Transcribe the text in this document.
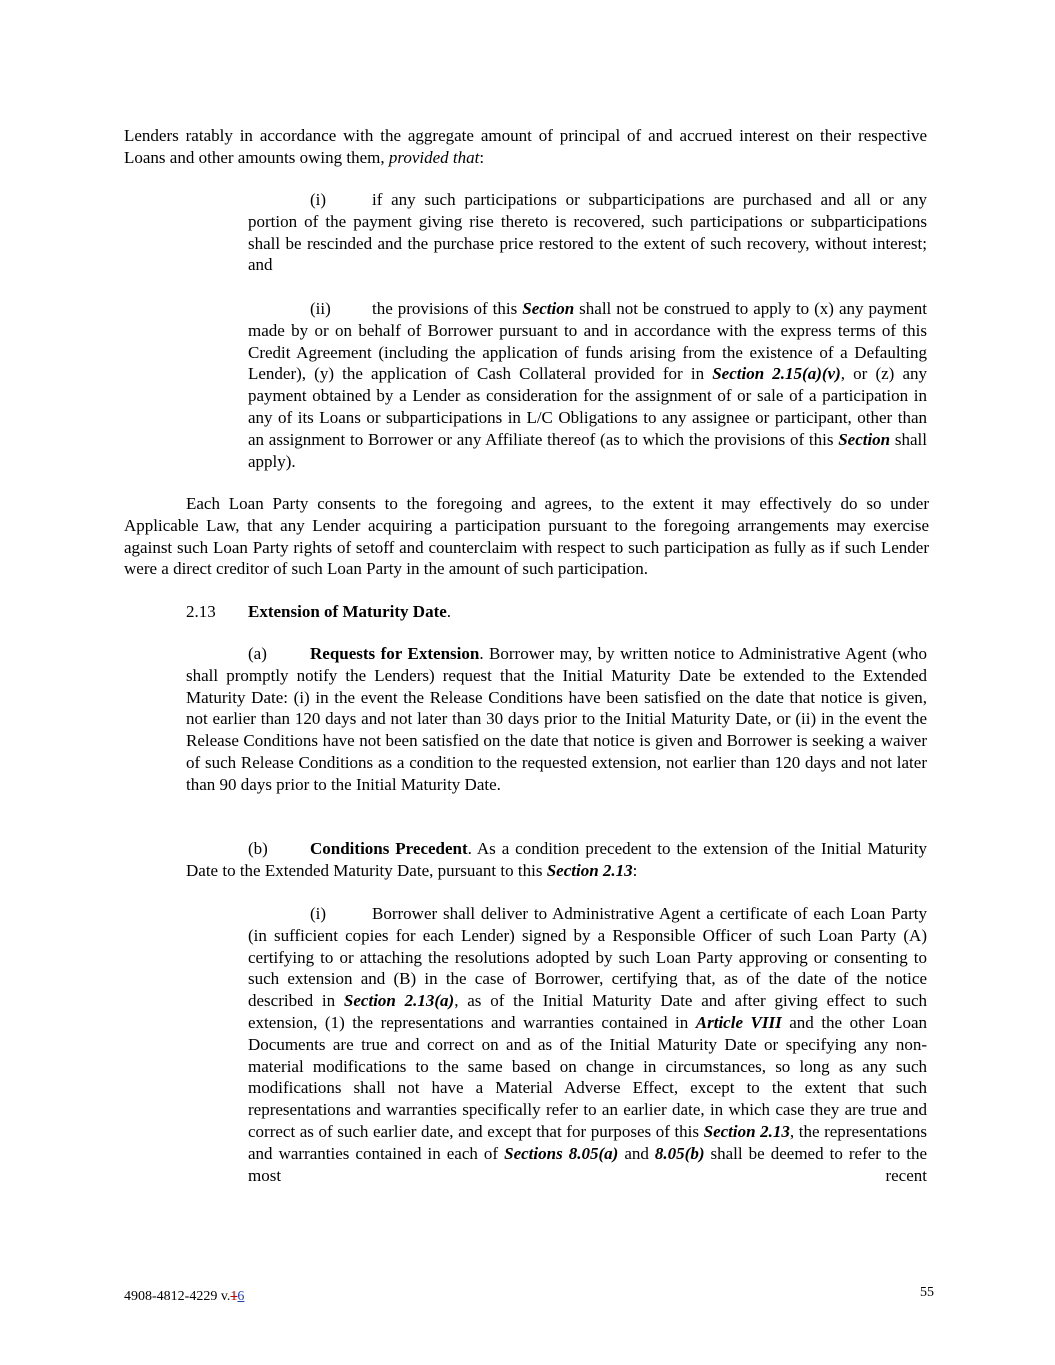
Lenders ratably in accordance with the aggregate amount of principal of and accrued interest on their respective Loans and other amounts owing them, provided that:

(i)	if any such participations or subparticipations are purchased and all or any portion of the payment giving rise thereto is recovered, such participations or subparticipations shall be rescinded and the purchase price restored to the extent of such recovery, without interest; and

(ii) the provisions of this Section shall not be construed to apply to (x) any payment made by or on behalf of Borrower pursuant to and in accordance with the express terms of this Credit Agreement (including the application of funds arising from the existence of a Defaulting Lender), (y) the application of Cash Collateral provided for in Section 2.15(a)(v), or (z) any payment obtained by a Lender as consideration for the assignment of or sale of a participation in any of its Loans or subparticipations in L/C Obligations to any assignee or participant, other than an assignment to Borrower or any Affiliate thereof (as to which the provisions of this Section shall apply).

Each Loan Party consents to the foregoing and agrees, to the extent it may effectively do so under Applicable Law, that any Lender acquiring a participation pursuant to the foregoing arrangements may exercise against such Loan Party rights of setoff and counterclaim with respect to such participation as fully as if such Lender were a direct creditor of such Loan Party in the amount of such participation.

2.13 Extension of Maturity Date.

(a)	Requests for Extension. Borrower may, by written notice to Administrative Agent (who shall promptly notify the Lenders) request that the Initial Maturity Date be extended to the Extended Maturity Date: (i) in the event the Release Conditions have been satisfied on the date that notice is given, not earlier than 120 days and not later than 30 days prior to the Initial Maturity Date, or (ii) in the event the Release Conditions have not been satisfied on the date that notice is given and Borrower is seeking a waiver of such Release Conditions as a condition to the requested extension, not earlier than 120 days and not later than 90 days prior to the Initial Maturity Date.

(b) Conditions Precedent. As a condition precedent to the extension of the Initial Maturity Date to the Extended Maturity Date, pursuant to this Section 2.13:

(i)	Borrower shall deliver to Administrative Agent a certificate of each Loan Party (in sufficient copies for each Lender) signed by a Responsible Officer of such Loan Party (A) certifying to or attaching the resolutions adopted by such Loan Party approving or consenting to such extension and (B) in the case of Borrower, certifying that, as of the date of the notice described in Section 2.13(a), as of the Initial Maturity Date and after giving effect to such extension, (1) the representations and warranties contained in Article VIII and the other Loan Documents are true and correct on and as of the Initial Maturity Date or specifying any non-material modifications to the same based on change in circumstances, so long as any such modifications shall not have a Material Adverse Effect, except to the extent that such representations and warranties specifically refer to an earlier date, in which case they are true and correct as of such earlier date, and except that for purposes of this Section 2.13, the representations and warranties contained in each of Sections 8.05(a) and 8.05(b) shall be deemed to refer to the most recent

4908-4812-4229 v.16	55
